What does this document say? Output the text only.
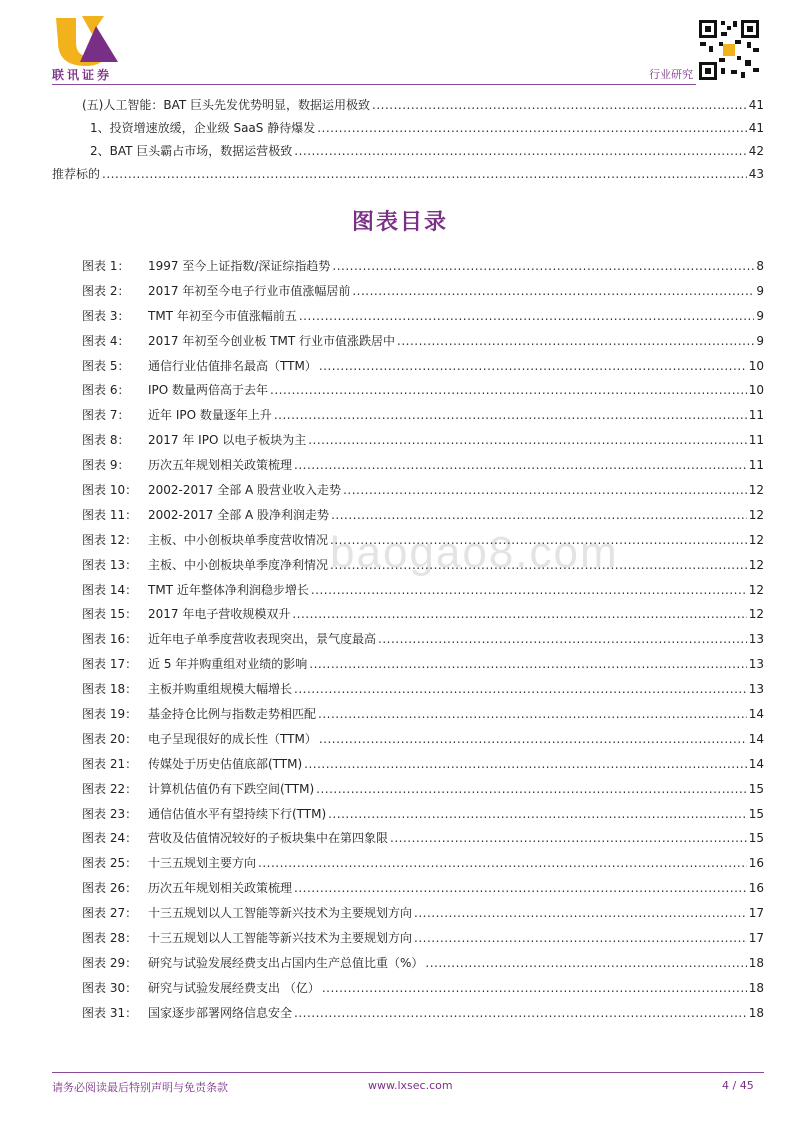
联讯证券	行业研究
(五)人工智能：BAT 巨头先发优势明显，数据运用极致 .....	41
1、投资增速放缓，企业级 SaaS 静待爆发 .....	41
2、BAT 巨头霸占市场，数据运营极致 .....	42
推荐标的 .....	43
图表目录
baogao8.com
图表 1：	1997 至今上证指数/深证综指趋势 .....	8
图表 2：	2017 年初至今电子行业市值涨幅居前 .....	9
图表 3：	TMT 年初至今市值涨幅前五 .....	9
图表 4：	2017 年初至今创业板 TMT 行业市值涨跌居中 .....	9
图表 5：	通信行业估值排名最高（TTM） .....	10
图表 6：	IPO 数量两倍高于去年 .....	10
图表 7：	近年 IPO 数量逐年上升 .....	11
图表 8：	2017 年 IPO 以电子板块为主 .....	11
图表 9：	历次五年规划相关政策梳理 .....	11
图表 10： 2002-2017 全部 A 股营业收入走势 .....	12
图表 11： 2002-2017 全部 A 股净利润走势 .....	12
图表 12： 主板、中小创板块单季度营收情况 .....	12
图表 13： 主板、中小创板块单季度净利情况 .....	12
图表 14： TMT 近年整体净利润稳步增长 .....	12
图表 15： 2017 年电子营收规模双升 .....	12
图表 16： 近年电子单季度营收表现突出，景气度最高 .....	13
图表 17： 近 5 年并购重组对业绩的影响 .....	13
图表 18： 主板并购重组规模大幅增长 .....	13
图表 19： 基金持仓比例与指数走势相匹配 .....	14
图表 20： 电子呈现很好的成长性（TTM） .....	14
图表 21： 传媒处于历史估值底部(TTM) .....	14
图表 22： 计算机估值仍有下跌空间(TTM) .....	15
图表 23： 通信估值水平有望持续下行(TTM) .....	15
图表 24： 营收及估值情况较好的子板块集中在第四象限 .....	15
图表 25： 十三五规划主要方向 .....	16
图表 26： 历次五年规划相关政策梳理 .....	16
图表 27： 十三五规划以人工智能等新兴技术为主要规划方向 .....	17
图表 28： 十三五规划以人工智能等新兴技术为主要规划方向 .....	17
图表 29： 研究与试验发展经费支出占国内生产总值比重（%） .....	18
图表 30： 研究与试验发展经费支出 （亿） .....	18
图表 31： 国家逐步部署网络信息安全 .....	18
请务必阅读最后特别声明与免责条款	www.lxsec.com	4 / 45
